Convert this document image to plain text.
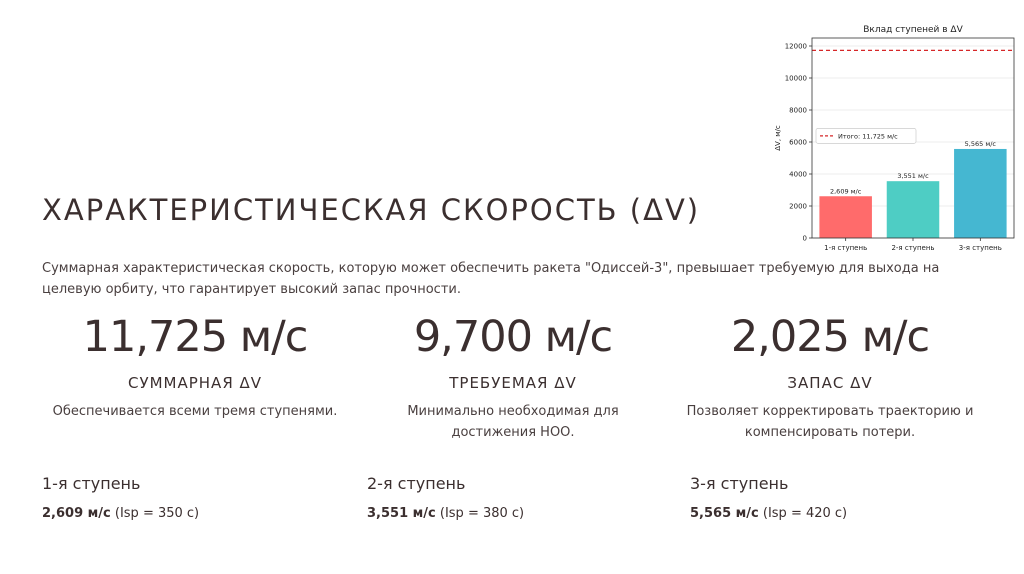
Вклад ступеней в ΔV
0
2000
4000
6000
8000
10000
12000
ΔV, м/с
2,609 м/с
1-я ступень
3,551 м/с
2-я ступень
5,565 м/с
3-я ступень
Итого: 11,725 м/с
ХАРАКТЕРИСТИЧЕСКАЯ СКОРОСТЬ (ΔV)

Суммарная характеристическая скорость, которую может обеспечить ракета "Одиссей-3", превышает требуемую для выхода на целевую орбиту, что гарантирует высокий запас прочности.

11,725 м/с
СУММАРНАЯ ΔV
Обеспечивается всеми тремя ступенями.
9,700 м/с
ТРЕБУЕМАЯ ΔV
Минимально необходимая для достижения НОО.
2,025 м/с
ЗАПАС ΔV
Позволяет корректировать траекторию и компенсировать потери.
1-я ступень
2,609 м/с (Isp = 350 с)
2-я ступень
3,551 м/с (Isp = 380 с)
3-я ступень
5,565 м/с (Isp = 420 с)
